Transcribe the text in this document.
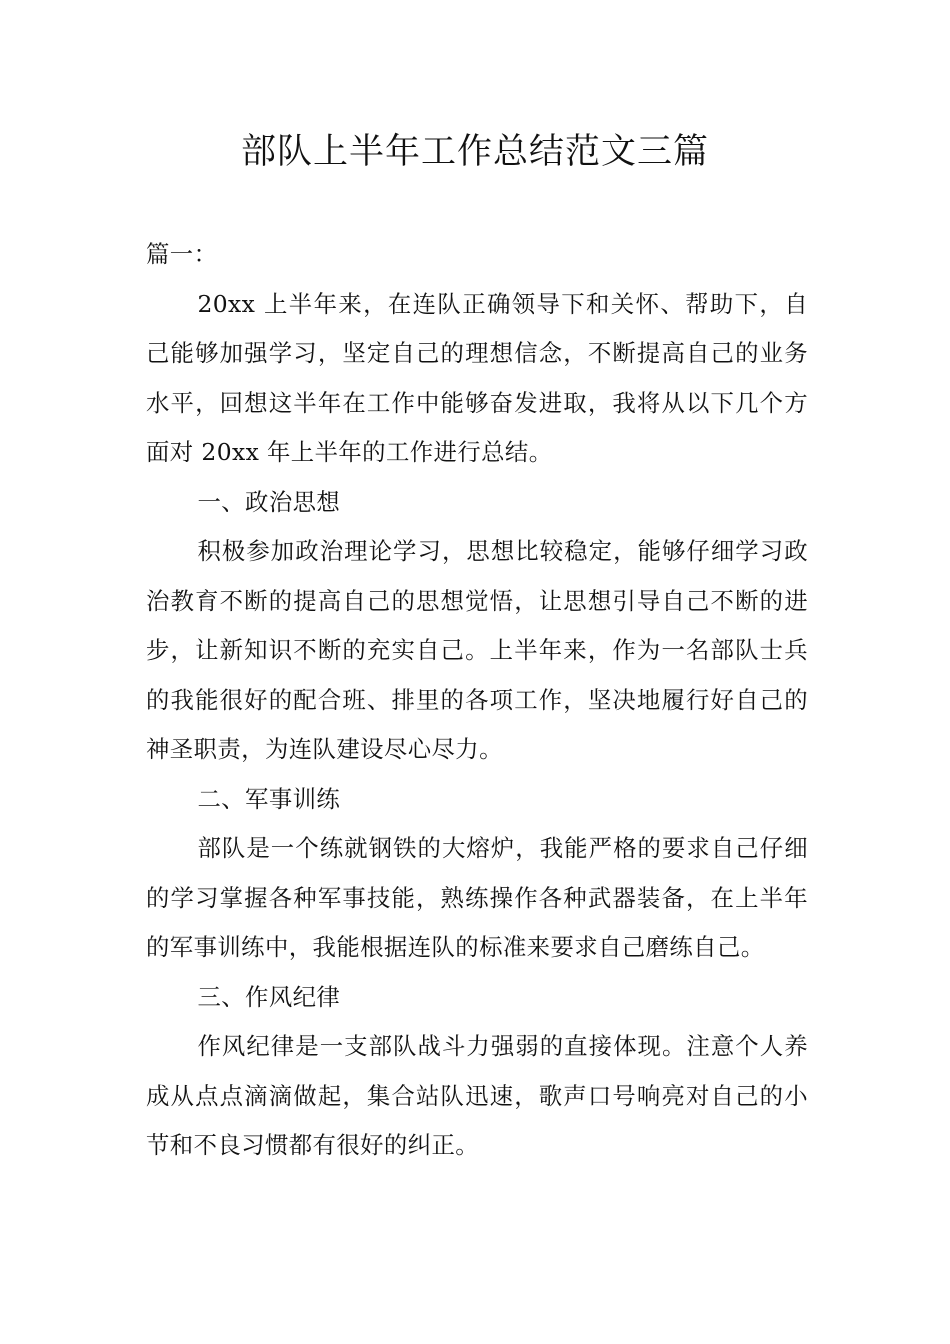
部队上半年工作总结范文三篇

篇一：

20xx 上半年来，在连队正确领导下和关怀、帮助下，自己能够加强学习，坚定自己的理想信念，不断提高自己的业务水平，回想这半年在工作中能够奋发进取，我将从以下几个方面对 20xx 年上半年的工作进行总结。

一、政治思想

积极参加政治理论学习，思想比较稳定，能够仔细学习政治教育不断的提高自己的思想觉悟，让思想引导自己不断的进步，让新知识不断的充实自己。上半年来，作为一名部队士兵的我能很好的配合班、排里的各项工作，坚决地履行好自己的神圣职责，为连队建设尽心尽力。

二、军事训练

部队是一个练就钢铁的大熔炉，我能严格的要求自己仔细的学习掌握各种军事技能，熟练操作各种武器装备，在上半年的军事训练中，我能根据连队的标准来要求自己磨练自己。

三、作风纪律

作风纪律是一支部队战斗力强弱的直接体现。注意个人养成从点点滴滴做起，集合站队迅速，歌声口号响亮对自己的小节和不良习惯都有很好的纠正。
